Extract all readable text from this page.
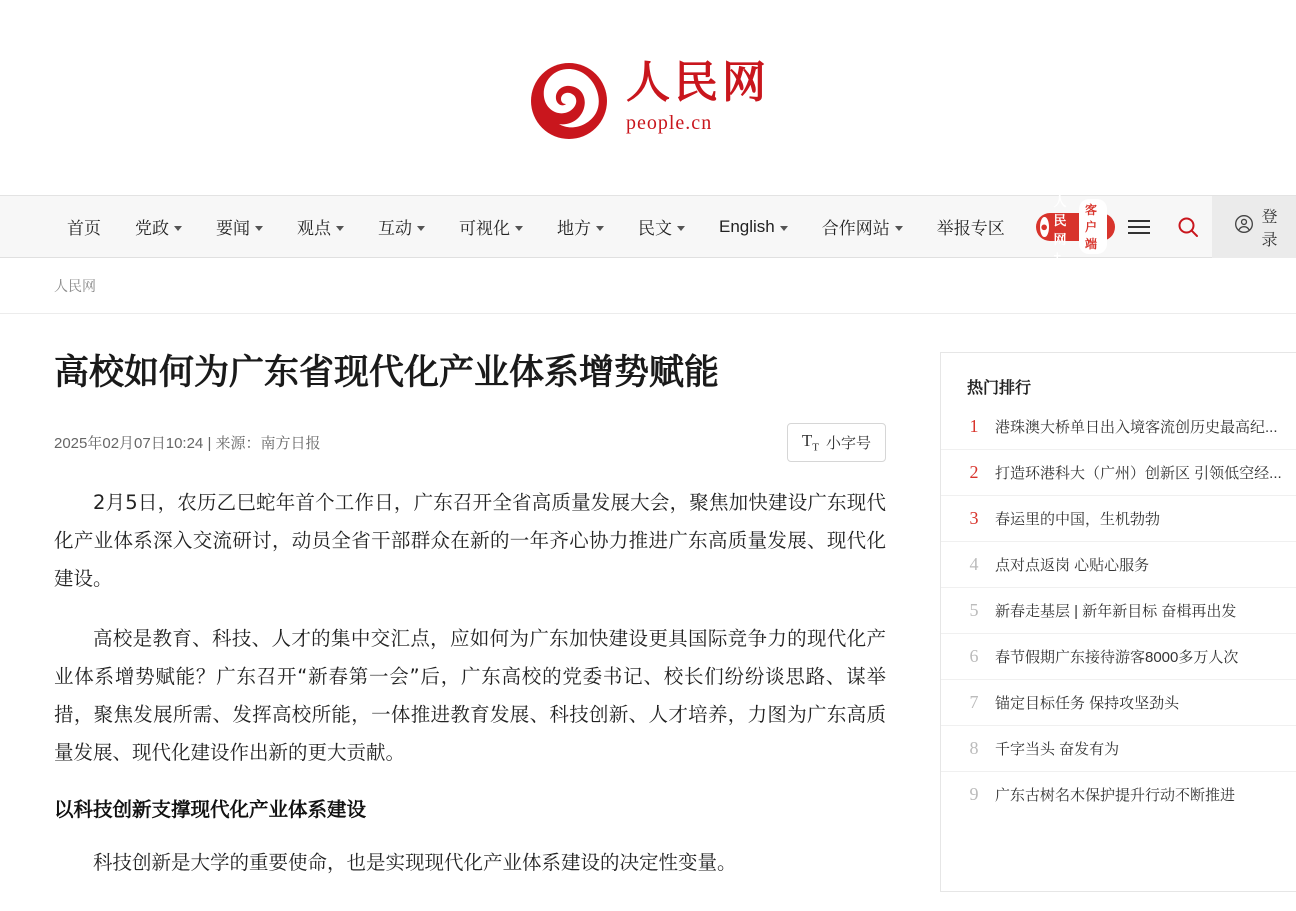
人民网
people.cn
首页 党政	要闻	观点	互动	可视化	地方	民文	English	合作网站	举报专区	●
人民网+
客户端
登录
人民网
高校如何为广东省现代化产业体系增势赋能
2025年02月07日10:24 | 来源：南方日报	$T_T$ 小字号

2月5日，农历乙巳蛇年首个工作日，广东召开全省高质量发展大会，聚焦加快建设广东现代化产业体系深入交流研讨，动员全省干部群众在新的一年齐心协力推进广东高质量发展、现代化建设。

高校是教育、科技、人才的集中交汇点，应如何为广东加快建设更具国际竞争力的现代化产业体系增势赋能？广东召开“新春第一会”后，广东高校的党委书记、校长们纷纷谈思路、谋举措，聚焦发展所需、发挥高校所能，一体推进教育发展、科技创新、人才培养，力图为广东高质量发展、现代化建设作出新的更大贡献。

以科技创新支撑现代化产业体系建设

科技创新是大学的重要使命，也是实现现代化产业体系建设的决定性变量。

热门排行
1 港珠澳大桥单日出入境客流创历史最高纪...
2 打造环港科大（广州）创新区 引领低空经...
3 春运里的中国，生机勃勃
4 点对点返岗 心贴心服务
5 新春走基层 | 新年新目标 奋楫再出发
6 春节假期广东接待游客8000多万人次
7 锚定目标任务 保持攻坚劲头
8 千字当头 奋发有为
9 广东古树名木保护提升行动不断推进
